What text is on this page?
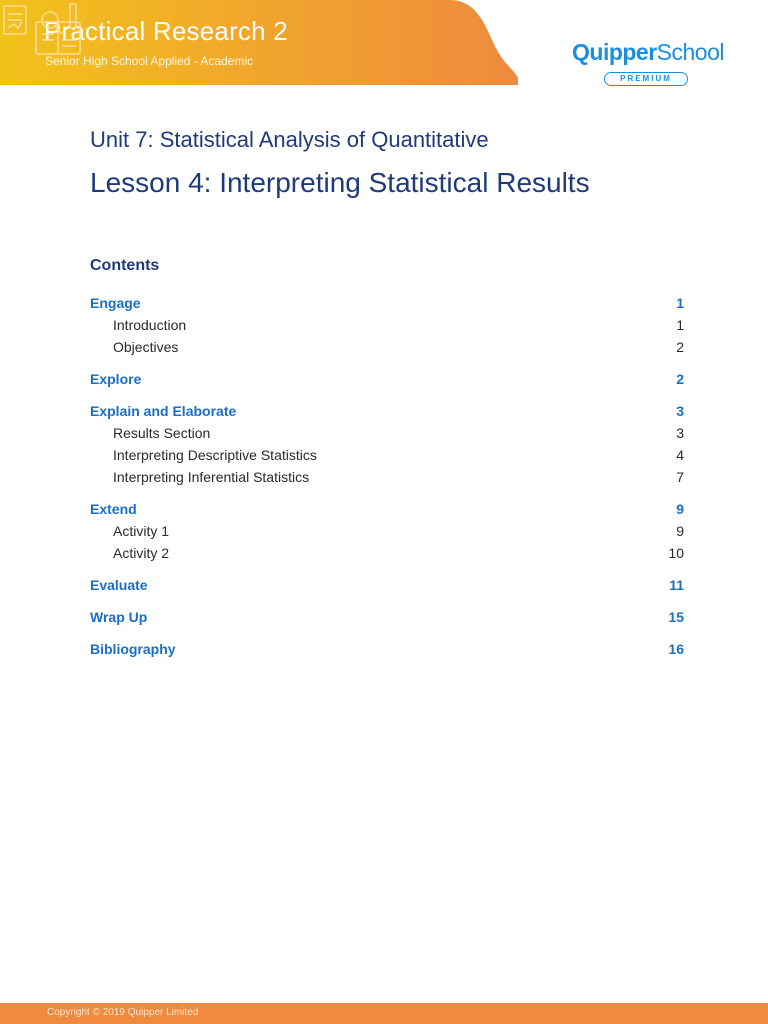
Practical Research 2
Senior High School Applied - Academic	QuipperSchool
PREMIUM
Unit 7: Statistical Analysis of Quantitative
Lesson 4: Interpreting Statistical Results
Contents
Engage	1
Introduction	1
Objectives	2
Explore	2
Explain and Elaborate	3
Results Section	3
Interpreting Descriptive Statistics	4
Interpreting Inferential Statistics	7
Extend	9
Activity 1	9
Activity 2	10
Evaluate	11
Wrap Up	15
Bibliography	16
Copyright © 2019 Quipper Limited
